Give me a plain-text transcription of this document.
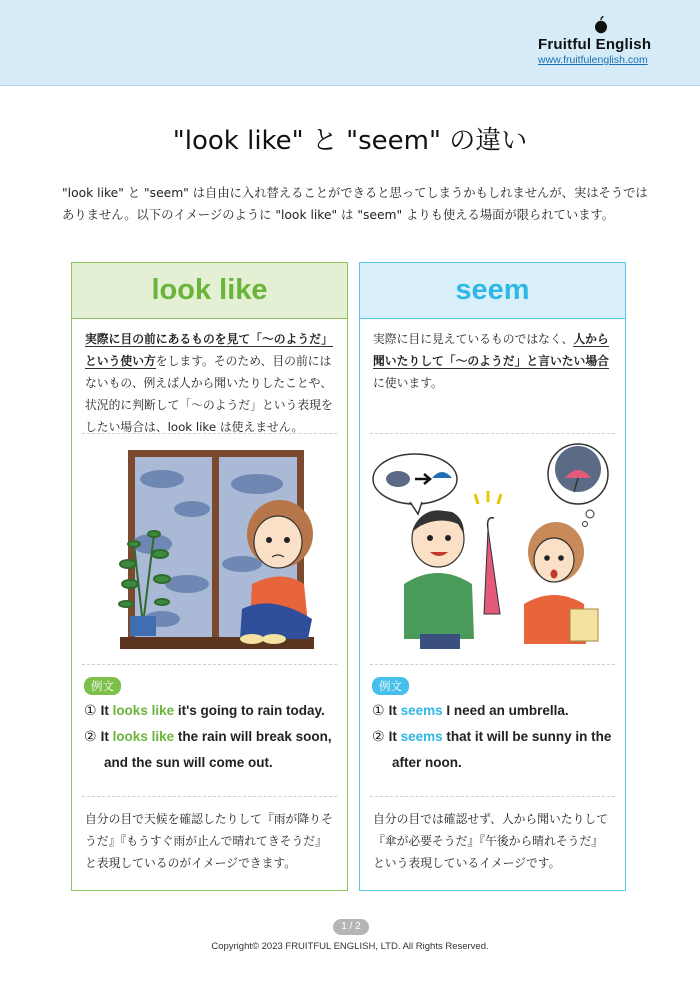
Fruitful English
www.fruitfulenglish.com
"look like" と "seem" の違い
"look like" と "seem" は自由に入れ替えることができると思ってしまうかもしれませんが、実はそうでは
ありません。以下のイメージのように "look like" は "seem" よりも使える場面が限られています。
look like
実際に目の前にあるものを見て「〜のようだ」
という使い方をします。そのため、目の前にはないもの、例えば人から聞いたりしたことや、状況的に判断して「〜のようだ」という表現をしたい場合は、look like は使えません。
例文
① It looks like it's going to rain today.
② It looks like the rain will break soon,
and the sun will come out.
自分の目で天候を確認したりして『雨が降りそうだ』『もうすぐ雨が止んで晴れてきそうだ』と表現しているのがイメージできます。
seem
実際に目に見えているものではなく、人から
聞いたりして「〜のようだ」と言いたい場合
に使います。
例文
① It seems I need an umbrella.
② It seems that it will be sunny in the
after noon.
自分の目では確認せず、人から聞いたりして『傘が必要そうだ』『午後から晴れそうだ』という表現しているイメージです。
1 / 2
Copyright© 2023 FRUITFUL ENGLISH, LTD. All Rights Reserved.
